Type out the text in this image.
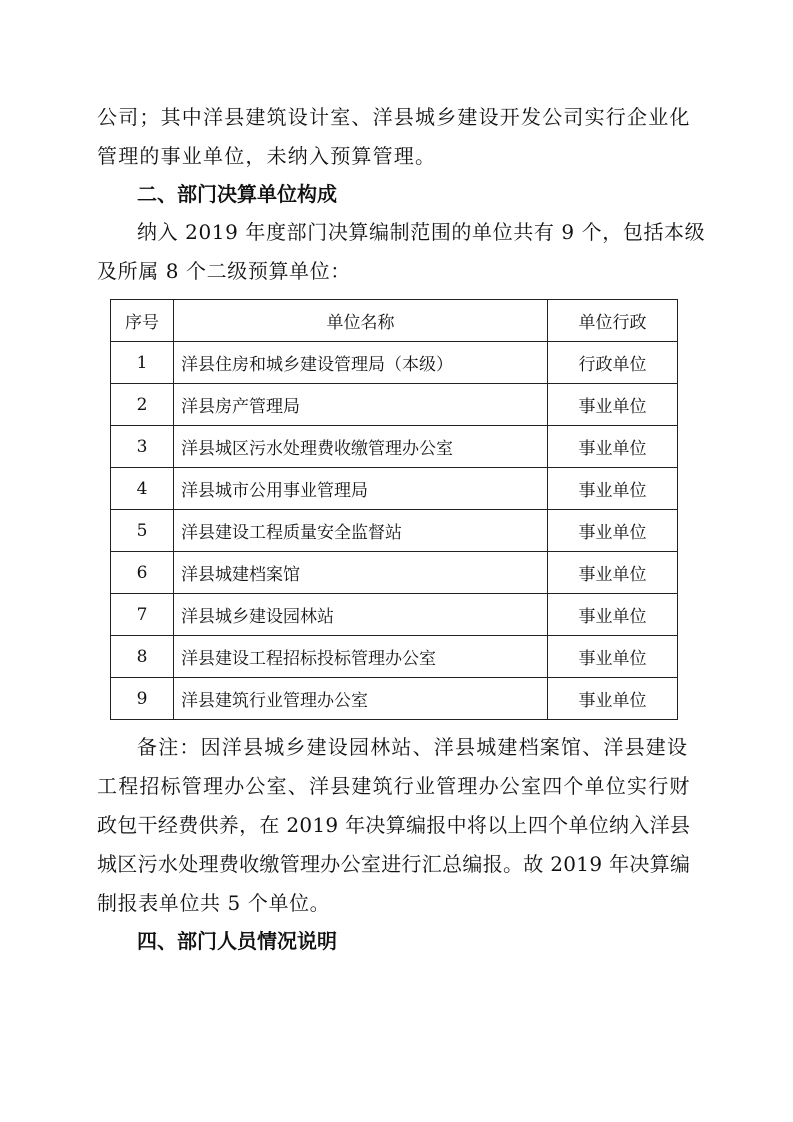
公司；其中洋县建筑设计室、洋县城乡建设开发公司实行企业化
管理的事业单位，未纳入预算管理。
二、部门决算单位构成
纳入 2019 年度部门决算编制范围的单位共有 9 个，包括本级
及所属 8 个二级预算单位：
序号	单位名称	单位行政
1	洋县住房和城乡建设管理局（本级）	行政单位
2	洋县房产管理局	事业单位
3	洋县城区污水处理费收缴管理办公室	事业单位
4	洋县城市公用事业管理局	事业单位
5	洋县建设工程质量安全监督站	事业单位
6	洋县城建档案馆	事业单位
7	洋县城乡建设园林站	事业单位
8	洋县建设工程招标投标管理办公室	事业单位
9	洋县建筑行业管理办公室	事业单位
备注：因洋县城乡建设园林站、洋县城建档案馆、洋县建设
工程招标管理办公室、洋县建筑行业管理办公室四个单位实行财
政包干经费供养，在 2019 年决算编报中将以上四个单位纳入洋县
城区污水处理费收缴管理办公室进行汇总编报。故 2019 年决算编
制报表单位共 5 个单位。
四、部门人员情况说明
